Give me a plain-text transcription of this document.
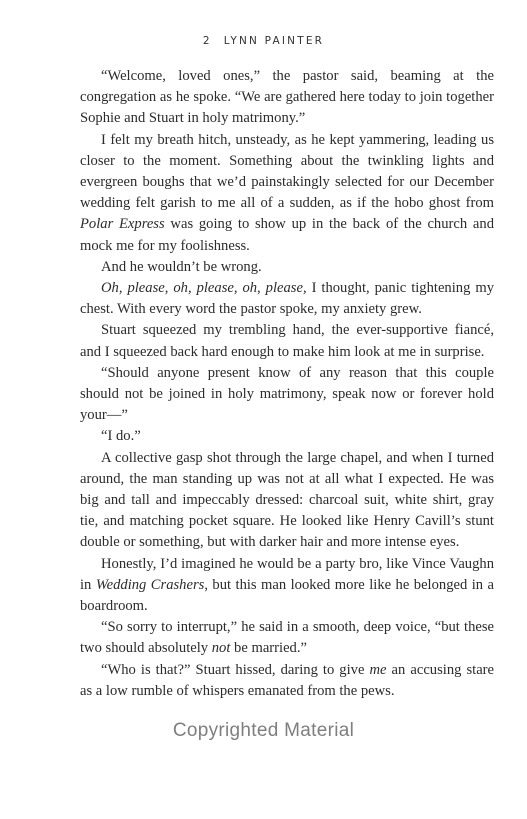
2 LYNN PAINTER

“Welcome, loved ones,” the pastor said, beaming at the congregation as he spoke. “We are gathered here today to join together Sophie and Stuart in holy matrimony.”

I felt my breath hitch, unsteady, as he kept yammering, leading us closer to the moment. Something about the twinkling lights and evergreen boughs that we’d painstakingly selected for our December wedding felt garish to me all of a sudden, as if the hobo ghost from Polar Express was going to show up in the back of the church and mock me for my foolishness.

And he wouldn’t be wrong.

Oh, please, oh, please, oh, please, I thought, panic tightening my chest. With every word the pastor spoke, my anxiety grew.

Stuart squeezed my trembling hand, the ever-supportive fiancé, and I squeezed back hard enough to make him look at me in surprise.

“Should anyone present know of any reason that this couple should not be joined in holy matrimony, speak now or forever hold your—”

“I do.”

A collective gasp shot through the large chapel, and when I turned around, the man standing up was not at all what I expected. He was big and tall and impeccably dressed: charcoal suit, white shirt, gray tie, and matching pocket square. He looked like Henry Cavill’s stunt double or something, but with darker hair and more intense eyes.

Honestly, I’d imagined he would be a party bro, like Vince Vaughn in Wedding Crashers, but this man looked more like he belonged in a boardroom.

“So sorry to interrupt,” he said in a smooth, deep voice, “but these two should absolutely not be married.”

“Who is that?” Stuart hissed, daring to give me an accusing stare as a low rumble of whispers emanated from the pews.

Copyrighted Material
